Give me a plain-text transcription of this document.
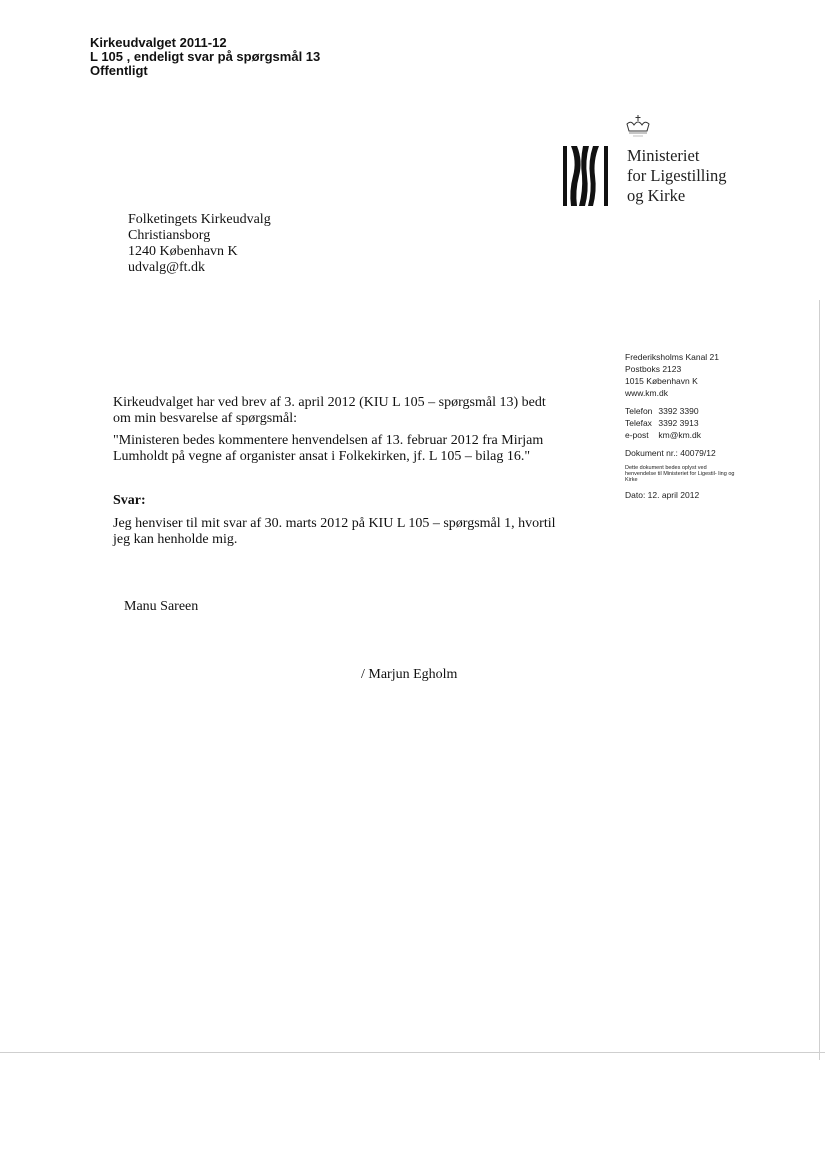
Kirkeudvalget 2011-12
L 105 , endeligt svar på spørgsmål 13
Offentligt
Ministeriet
for Ligestilling
og Kirke
Folketingets Kirkeudvalg
Christiansborg
1240 København K
udvalg@ft.dk
Frederiksholms Kanal 21
Postboks 2123
1015 København K
www.km.dk
Telefon 3392 3390
Telefax 3392 3913
e-post km@km.dk
Dokument nr.: 40079/12
Dette dokument bedes oplyst ved henvendelse til Ministeriet for Ligestil- ling og Kirke
Dato: 12. april 2012

Kirkeudvalget har ved brev af 3. april 2012 (KIU L 105 – spørgsmål 13) bedt om min besvarelse af spørgsmål:

"Ministeren bedes kommentere henvendelsen af 13. februar 2012 fra Mirjam Lumholdt på vegne af organister ansat i Folkekirken, jf. L 105 – bilag 16."

Svar:
Jeg henviser til mit svar af 30. marts 2012 på KIU L 105 – spørgsmål 1, hvortil jeg kan henholde mig.
Manu Sareen
/ Marjun Egholm
